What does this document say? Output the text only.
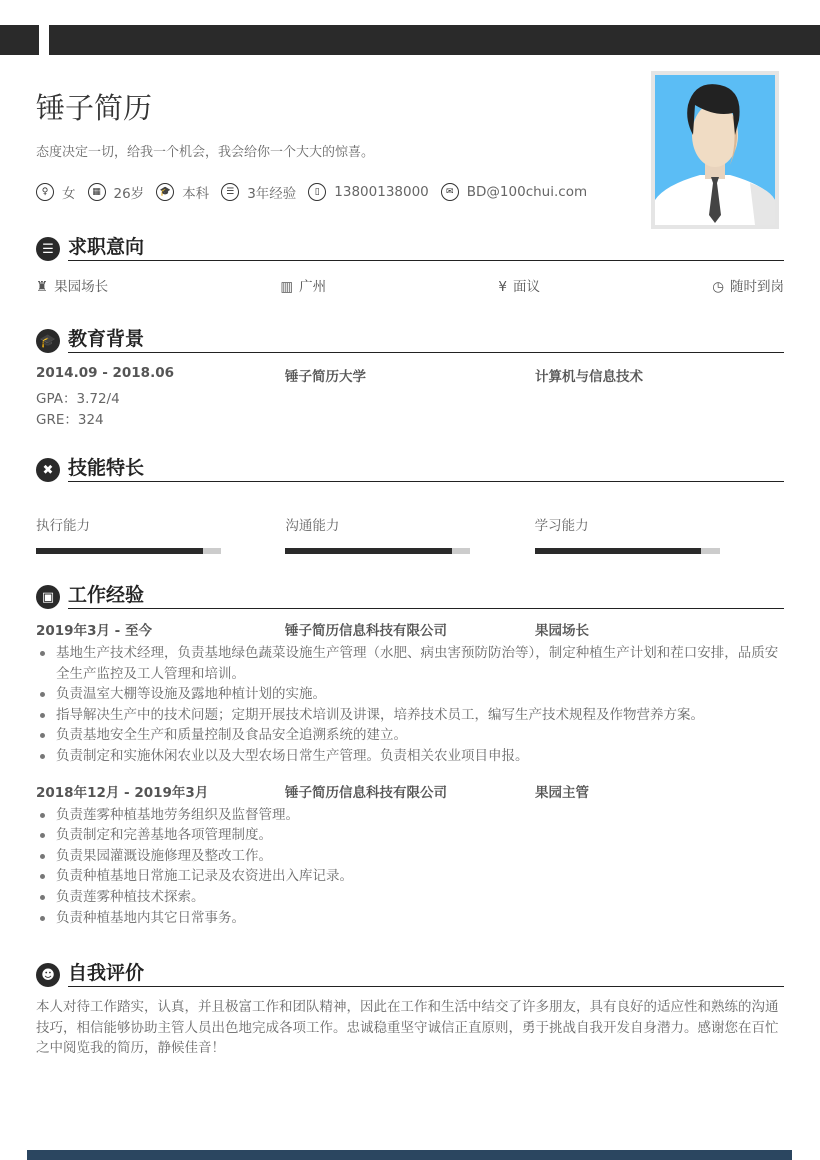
锤子简历
态度决定一切，给我一个机会，我会给你一个大大的惊喜。
♀	女	▦ 26岁	🎓 本科	☰ 3年经验	▯	13800138000	✉ BD@100chui.com
☰ 求职意向
♜ 果园场长	▥ 广州	¥ 面议	◷ 随时到岗
🎓 教育背景
2014.09 - 2018.06	锤子简历大学	计算机与信息技术
GPA：3.72/4
GRE：324
✖ 技能特长
执行能力	沟通能力	学习能力
▣ 工作经验
2019年3月 - 至今	锤子简历信息科技有限公司	果园场长
基地生产技术经理，负责基地绿色蔬菜设施生产管理（水肥、病虫害预防防治等），制定种植生产计划和茬口安排，品质安全生产监控及工人管理和培训。
负责温室大棚等设施及露地种植计划的实施。
指导解决生产中的技术问题；定期开展技术培训及讲课，培养技术员工，编写生产技术规程及作物营养方案。
负责基地安全生产和质量控制及食品安全追溯系统的建立。
负责制定和实施休闲农业以及大型农场日常生产管理。负责相关农业项目申报。
2018年12月 - 2019年3月	锤子简历信息科技有限公司	果园主管
负责莲雾种植基地劳务组织及监督管理。
负责制定和完善基地各项管理制度。
负责果园灌溉设施修理及整改工作。
负责种植基地日常施工记录及农资进出入库记录。
负责莲雾种植技术探索。
负责种植基地内其它日常事务。
☻ 自我评价
本人对待工作踏实，认真，并且极富工作和团队精神，因此在工作和生活中结交了许多朋友，具有良好的适应性和熟练的沟通技巧，相信能够协助主管人员出色地完成各项工作。忠诚稳重坚守诚信正直原则，勇于挑战自我开发自身潜力。感谢您在百忙之中阅览我的简历，静候佳音！
